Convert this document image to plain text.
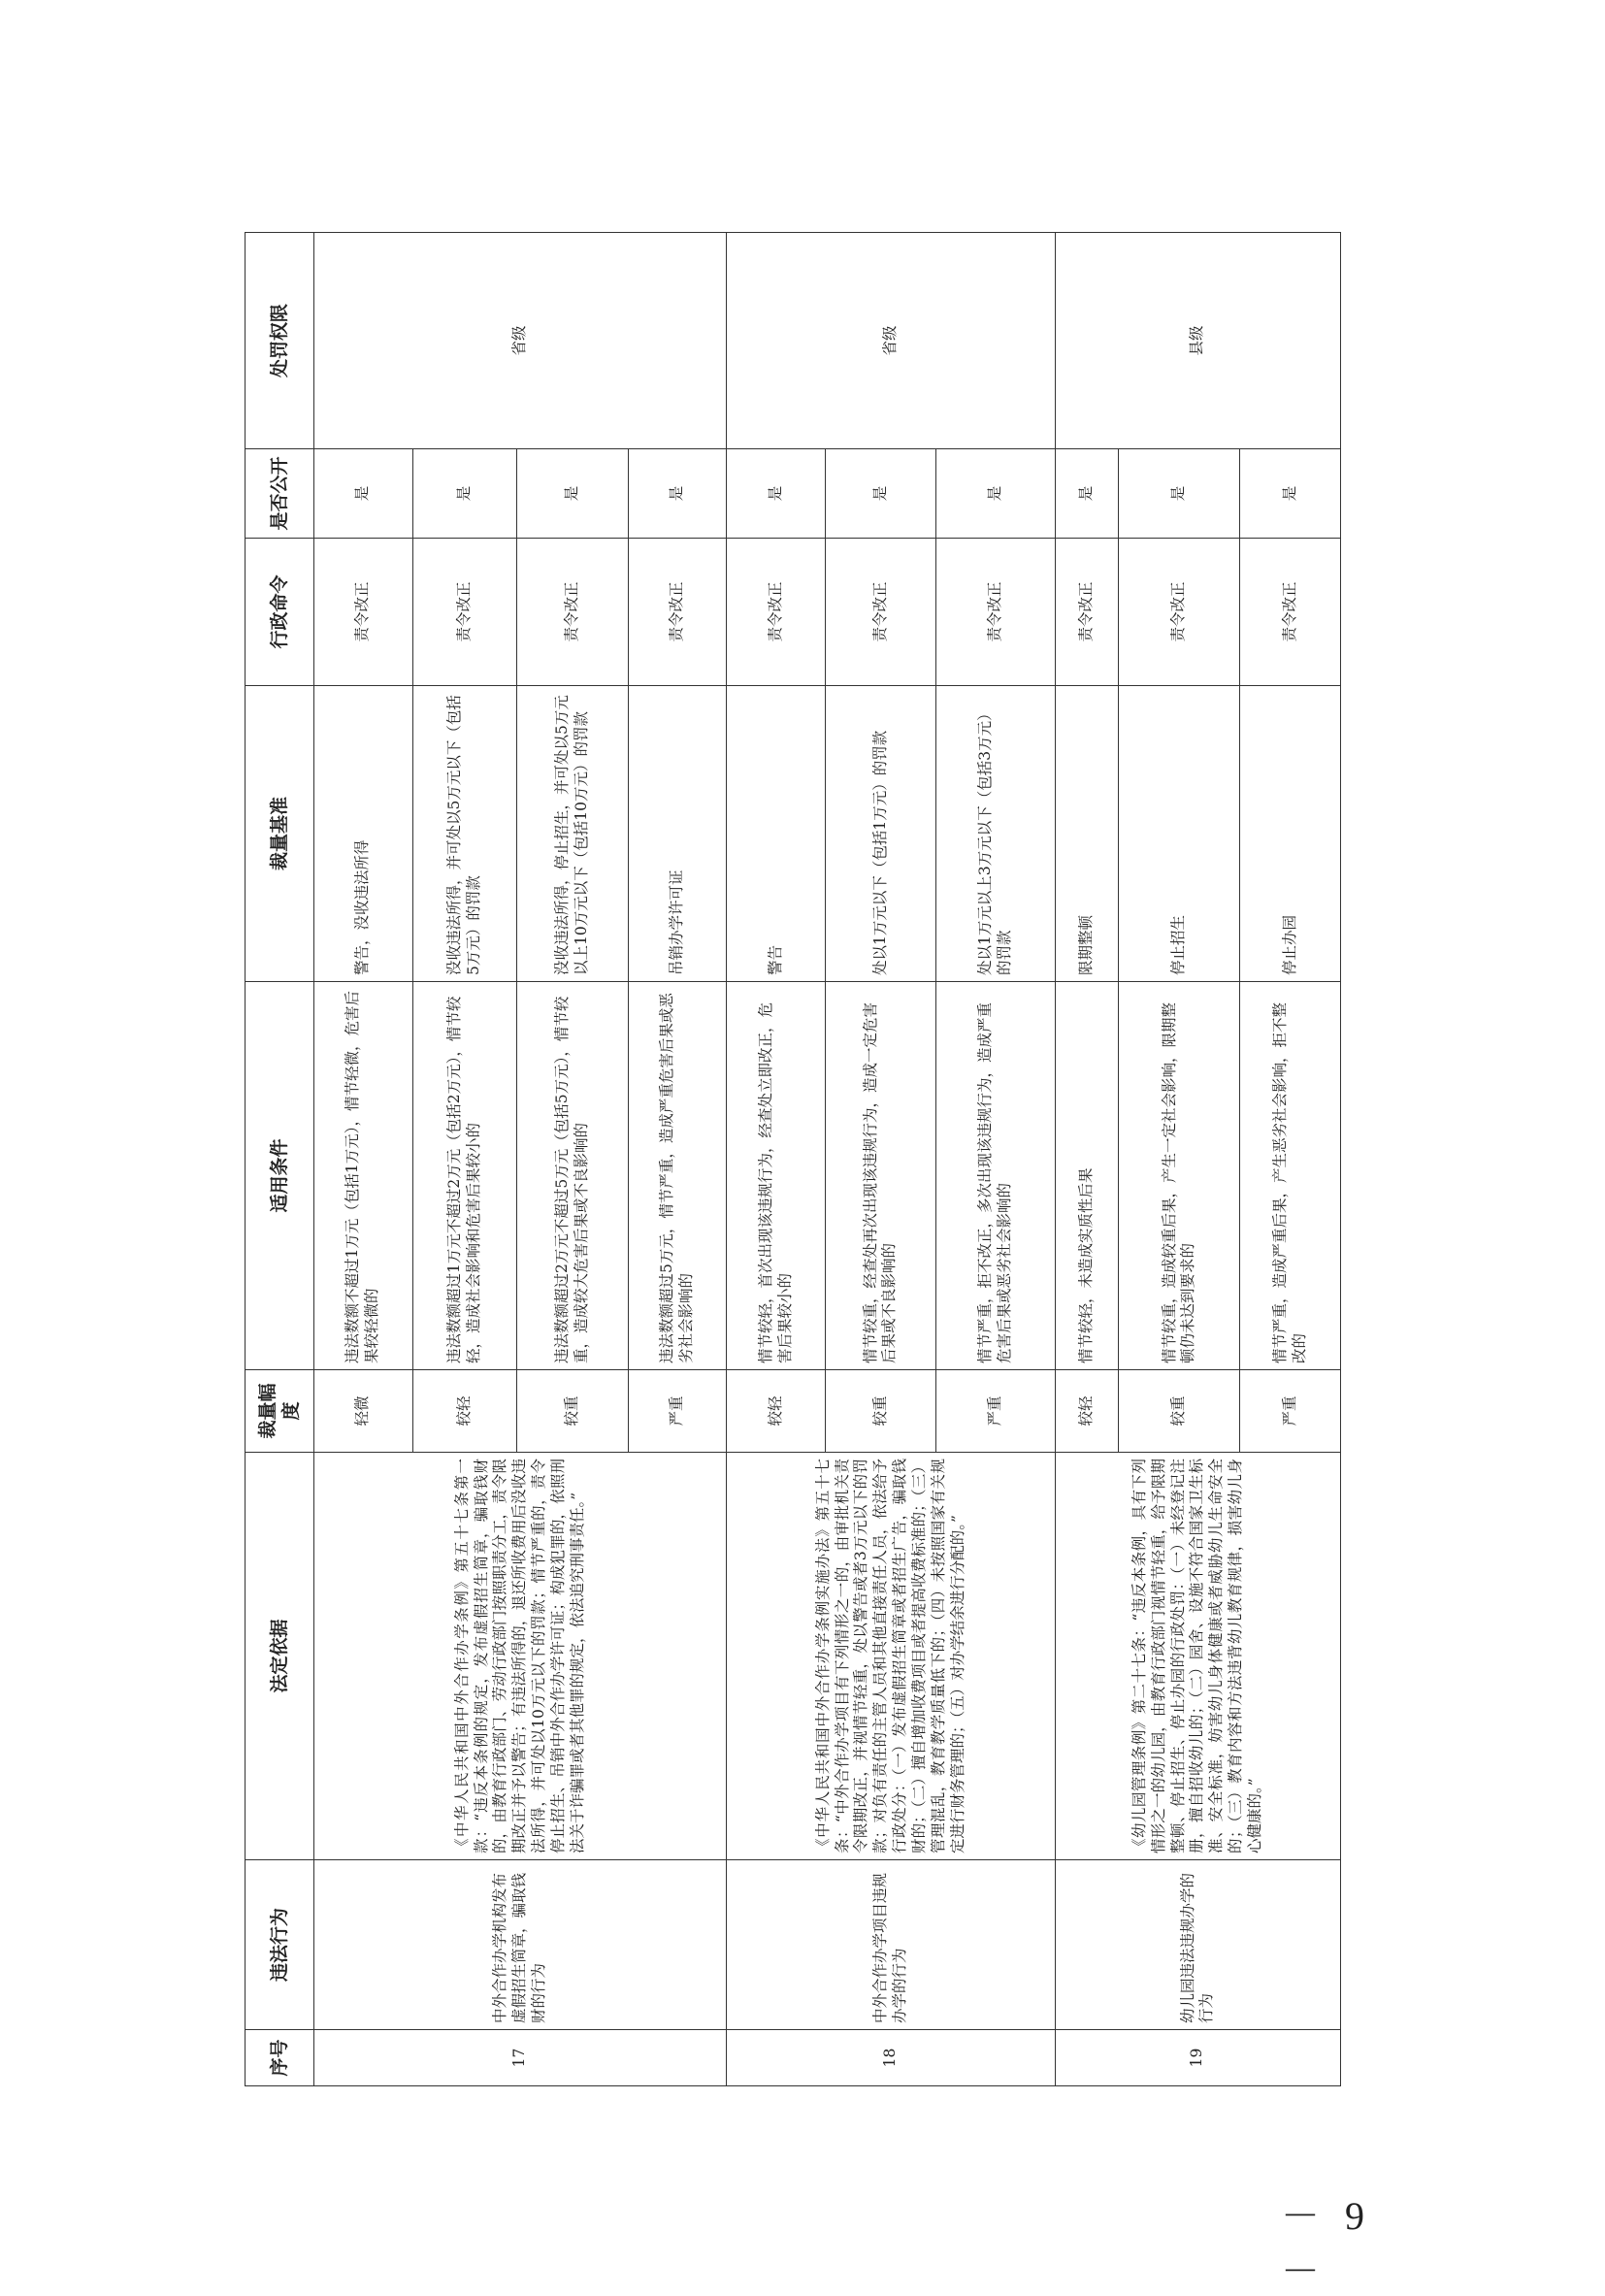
序号	违法行为	法定依据	裁量幅度	适用条件	裁量基准	行政命令	是否公开	处罚权限
17	中外合作办学机构发布虚假招生简章，骗取钱财的行为	《中华人民共和国中外合作办学条例》第五十七条第一款：“违反本条例的规定，发布虚假招生简章，骗取钱财的，由教育行政部门、劳动行政部门按照职责分工，责令限期改正并予以警告；有违法所得的，退还所收费用后没收违法所得，并可处以10万元以下的罚款；情节严重的，责令停止招生、吊销中外合作办学许可证；构成犯罪的，依照刑法关于诈骗罪或者其他罪的规定，依法追究刑事责任。”	轻微	违法数额不超过1万元（包括1万元），情节轻微，危害后果较轻微的	警告，没收违法所得	责令改正	是	省级
			较轻	违法数额超过1万元不超过2万元（包括2万元），情节较轻，造成社会影响和危害后果较小的	没收违法所得，并可处以5万元以下（包括5万元）的罚款	责令改正	是	
			较重	违法数额超过2万元不超过5万元（包括5万元），情节较重，造成较大危害后果或不良影响的	没收违法所得，停止招生，并可处以5万元以上10万元以下（包括10万元）的罚款	责令改正	是	
			严重	违法数额超过5万元，情节严重，造成严重危害后果或恶劣社会影响的	吊销办学许可证	责令改正	是	
18	中外合作办学项目违规办学的行为	《中华人民共和国中外合作办学条例实施办法》第五十七条：“中外合作办学项目有下列情形之一的，由审批机关责令限期改正，并视情节轻重，处以警告或者3万元以下的罚款；对负有责任的主管人员和其他直接责任人员，依法给予行政处分：（一）发布虚假招生简章或者招生广告，骗取钱财的；（二）擅自增加收费项目或者提高收费标准的；（三）管理混乱，教育教学质量低下的；（四）未按照国家有关规定进行财务管理的；（五）对办学结余进行分配的。”	较轻	情节较轻，首次出现该违规行为，经查处立即改正，危害后果较小的	警告	责令改正	是	省级
			较重	情节较重，经查处再次出现该违规行为，造成一定危害后果或不良影响的	处以1万元以下（包括1万元）的罚款	责令改正	是	
			严重	情节严重，拒不改正，多次出现该违规行为，造成严重危害后果或恶劣社会影响的	处以1万元以上3万元以下（包括3万元）的罚款	责令改正	是	
19	幼儿园违法违规办学的行为	《幼儿园管理条例》第二十七条：“违反本条例，具有下列情形之一的幼儿园，由教育行政部门视情节轻重，给予限期整顿、停止招生、停止办园的行政处罚：（一）未经登记注册，擅自招收幼儿的；（二）园舍、设施不符合国家卫生标准、安全标准，妨害幼儿身体健康或者威胁幼儿生命安全的；（三）教育内容和方法违背幼儿教育规律，损害幼儿身心健康的。”	较轻	情节较轻，未造成实质性后果	限期整顿	责令改正	是	县级
			较重	情节较重，造成较重后果，产生一定社会影响，限期整顿仍未达到要求的	停止招生	责令改正	是	
			严重	情节严重，造成严重后果，产生恶劣社会影响，拒不整改的	停止办园	责令改正	是	
－ 9 －
